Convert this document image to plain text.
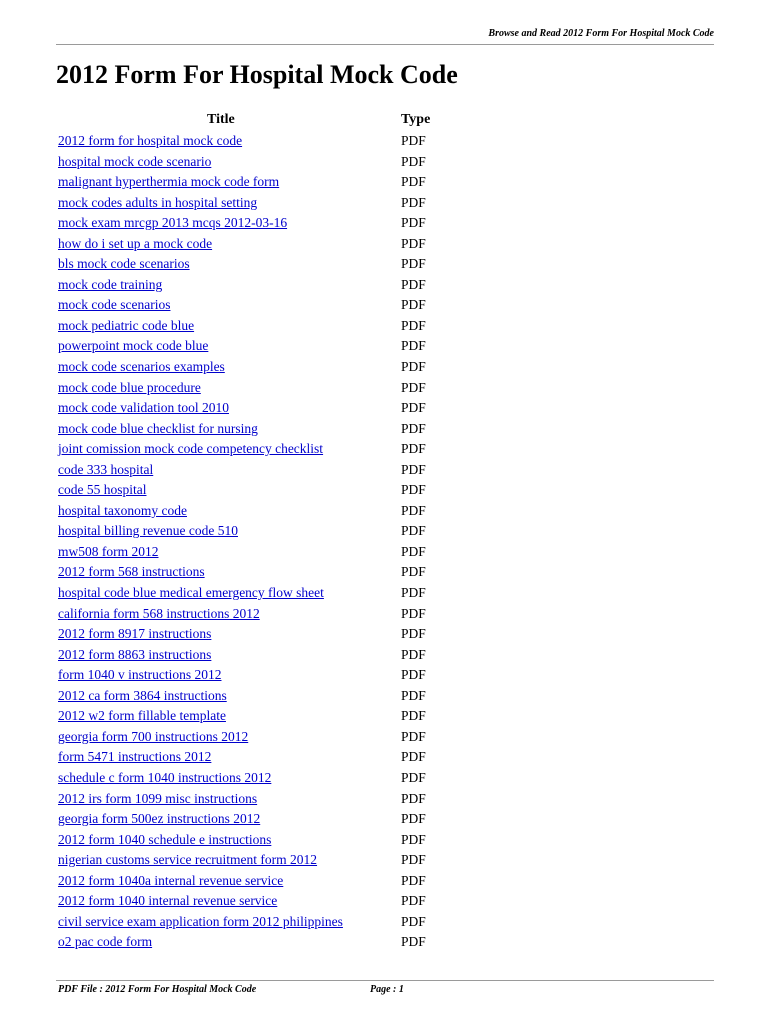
Browse and Read 2012 Form For Hospital Mock Code
2012 Form For Hospital Mock Code
Title	Type
2012 form for hospital mock code	PDF
hospital mock code scenario	PDF
malignant hyperthermia mock code form	PDF
mock codes adults in hospital setting	PDF
mock exam mrcgp 2013 mcqs 2012-03-16	PDF
how do i set up a mock code	PDF
bls mock code scenarios	PDF
mock code training	PDF
mock code scenarios	PDF
mock pediatric code blue	PDF
powerpoint mock code blue	PDF
mock code scenarios examples	PDF
mock code blue procedure	PDF
mock code validation tool 2010	PDF
mock code blue checklist for nursing	PDF
joint comission mock code competency checklist	PDF
code 333 hospital	PDF
code 55 hospital	PDF
hospital taxonomy code	PDF
hospital billing revenue code 510	PDF
mw508 form 2012	PDF
2012 form 568 instructions	PDF
hospital code blue medical emergency flow sheet	PDF
california form 568 instructions 2012	PDF
2012 form 8917 instructions	PDF
2012 form 8863 instructions	PDF
form 1040 v instructions 2012	PDF
2012 ca form 3864 instructions	PDF
2012 w2 form fillable template	PDF
georgia form 700 instructions 2012	PDF
form 5471 instructions 2012	PDF
schedule c form 1040 instructions 2012	PDF
2012 irs form 1099 misc instructions	PDF
georgia form 500ez instructions 2012	PDF
2012 form 1040 schedule e instructions	PDF
nigerian customs service recruitment form 2012	PDF
2012 form 1040a internal revenue service	PDF
2012 form 1040 internal revenue service	PDF
civil service exam application form 2012 philippines	PDF
o2 pac code form	PDF
PDF File : 2012 Form For Hospital Mock Code	Page : 1
